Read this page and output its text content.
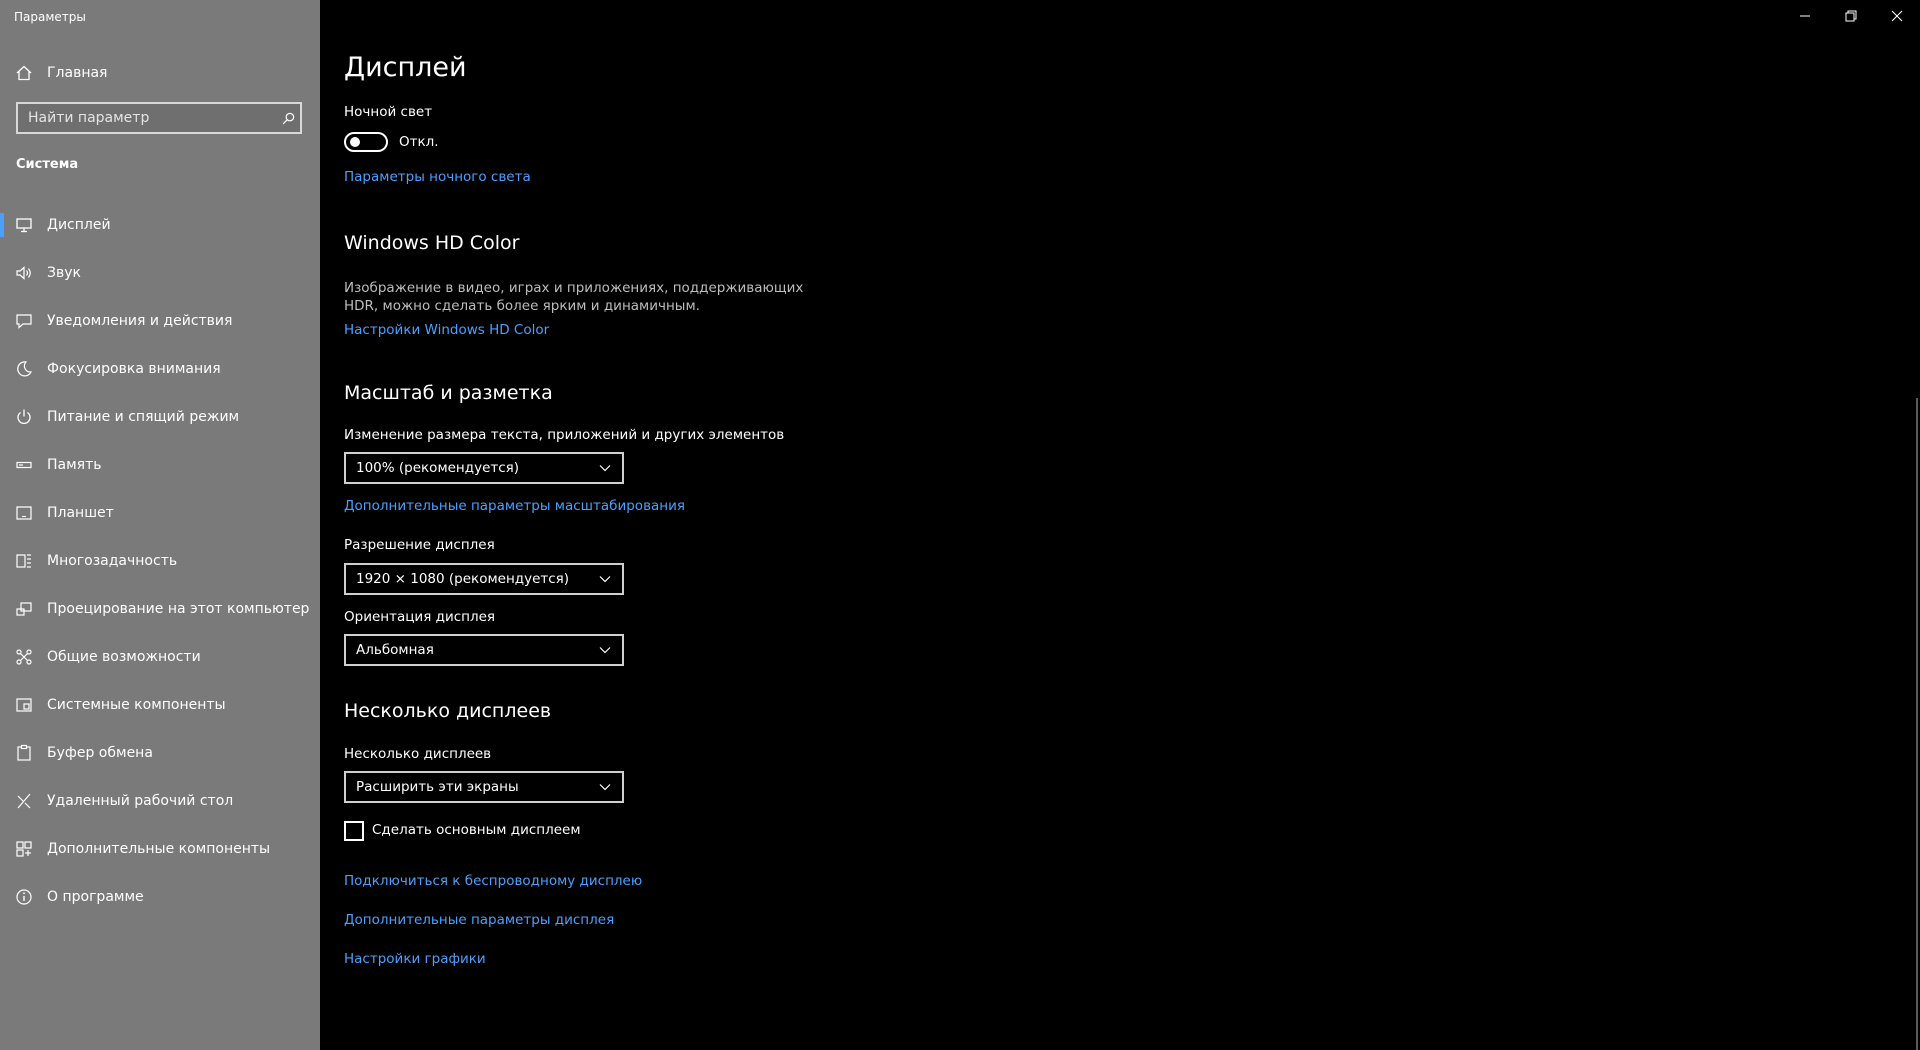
Параметры
Главная
Найти параметр
Система
Дисплей
Звук
Уведомления и действия
Фокусировка внимания
Питание и спящий режим
Память
Планшет
Многозадачность
Проецирование на этот компьютер
Общие возможности
Системные компоненты
Буфер обмена
Удаленный рабочий стол
Дополнительные компоненты
О программе
Дисплей
Ночной свет
Откл.
Параметры ночного света
Windows HD Color
Изображение в видео, играх и приложениях, поддерживающих HDR, можно сделать более ярким и динамичным.
Настройки Windows HD Color
Масштаб и разметка
Изменение размера текста, приложений и других элементов
100% (рекомендуется)
Дополнительные параметры масштабирования
Разрешение дисплея
1920 × 1080 (рекомендуется)
Ориентация дисплея
Альбомная
Несколько дисплеев
Несколько дисплеев
Расширить эти экраны
Сделать основным дисплеем
Подключиться к беспроводному дисплею
Дополнительные параметры дисплея
Настройки графики
